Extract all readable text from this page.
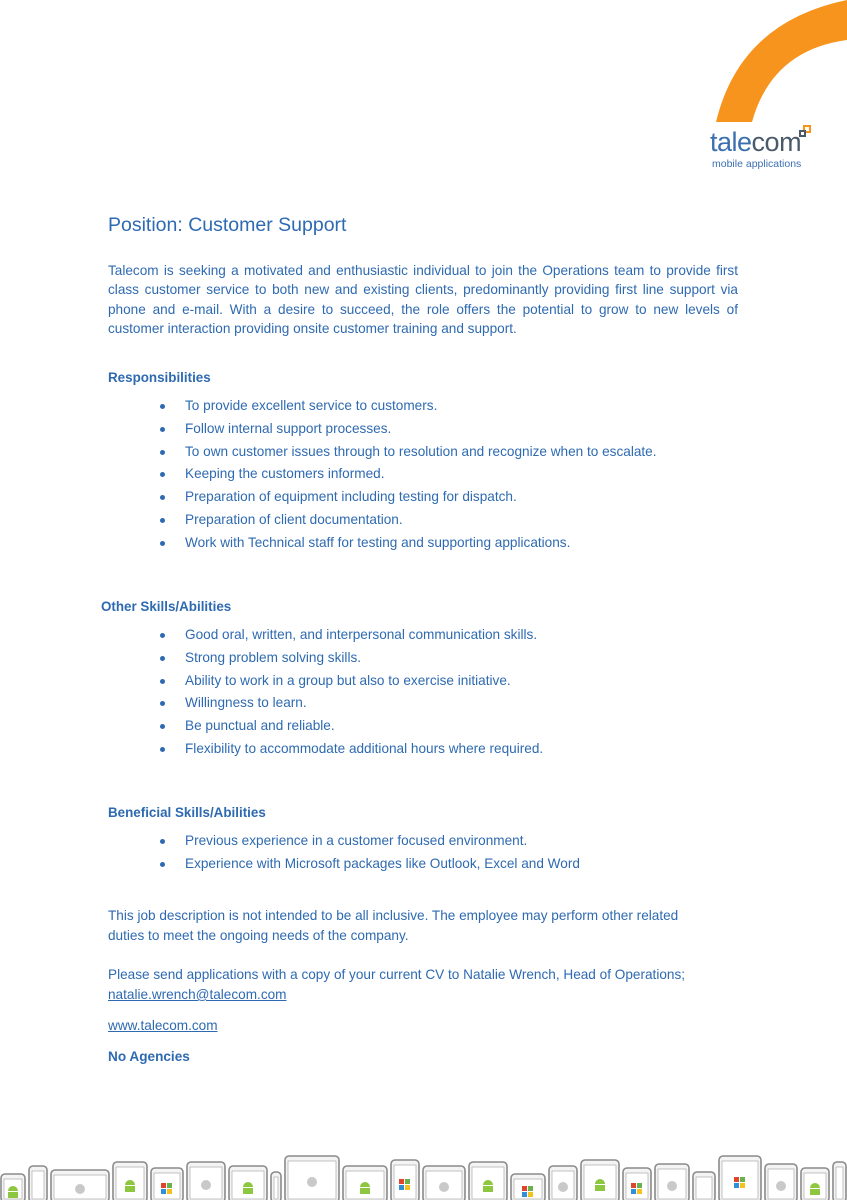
talecom
mobile applications
Position: Customer Support

Talecom is seeking a motivated and enthusiastic individual to join the Operations team to provide first class customer service to both new and existing clients, predominantly providing first line support via phone and e-mail. With a desire to succeed, the role offers the potential to grow to new levels of customer interaction providing onsite customer training and support.

Responsibilities
To provide excellent service to customers.
Follow internal support processes.
To own customer issues through to resolution and recognize when to escalate.
Keeping the customers informed.
Preparation of equipment including testing for dispatch.
Preparation of client documentation.
Work with Technical staff for testing and supporting applications.
Other Skills/Abilities
Good oral, written, and interpersonal communication skills.
Strong problem solving skills.
Ability to work in a group but also to exercise initiative.
Willingness to learn.
Be punctual and reliable.
Flexibility to accommodate additional hours where required.
Beneficial Skills/Abilities
Previous experience in a customer focused environment.
Experience with Microsoft packages like Outlook, Excel and Word

This job description is not intended to be all inclusive. The employee may perform other related

duties to meet the ongoing needs of the company.

Please send applications with a copy of your current CV to Natalie Wrench, Head of Operations;

natalie.wrench@talecom.com
www.talecom.com
No Agencies
